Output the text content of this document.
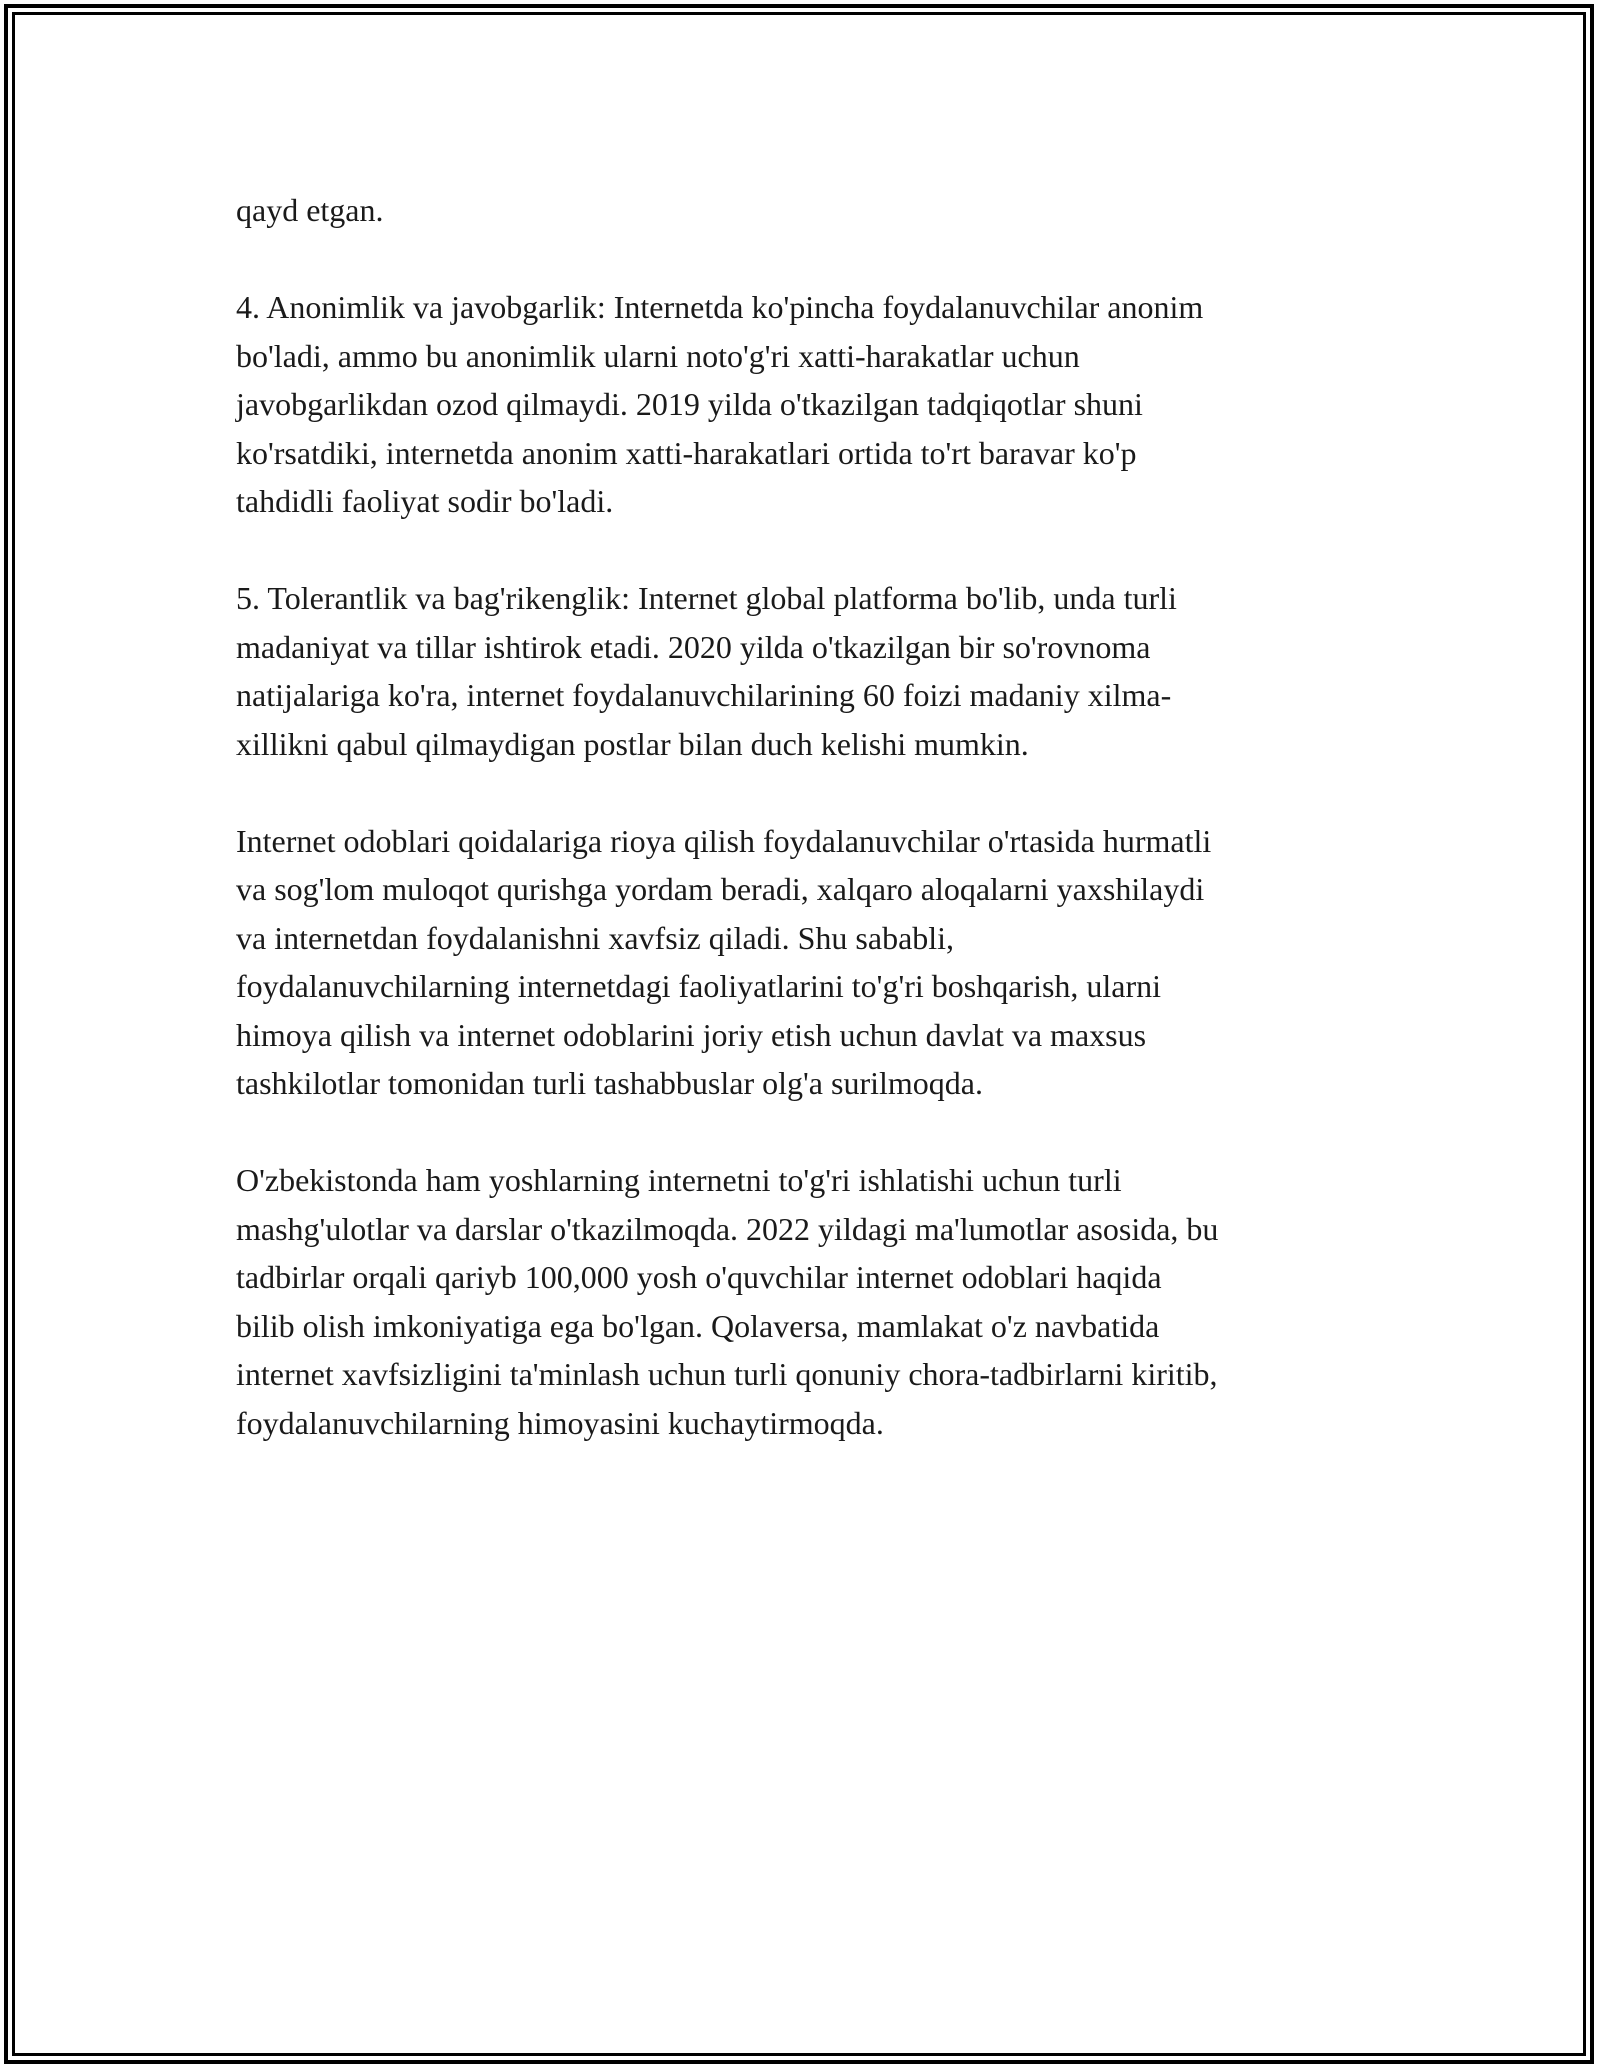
qayd etgan.

4. Anonimlik va javobgarlik: Internetda ko'pincha foydalanuvchilar anonim
bo'ladi, ammo bu anonimlik ularni noto'g'ri xatti-harakatlar uchun
javobgarlikdan ozod qilmaydi. 2019 yilda o'tkazilgan tadqiqotlar shuni
ko'rsatdiki, internetda anonim xatti-harakatlari ortida to'rt baravar ko'p
tahdidli faoliyat sodir bo'ladi.

5. Tolerantlik va bag'rikenglik: Internet global platforma bo'lib, unda turli
madaniyat va tillar ishtirok etadi. 2020 yilda o'tkazilgan bir so'rovnoma
natijalariga ko'ra, internet foydalanuvchilarining 60 foizi madaniy xilma-
xillikni qabul qilmaydigan postlar bilan duch kelishi mumkin.

Internet odoblari qoidalariga rioya qilish foydalanuvchilar o'rtasida hurmatli
va sog'lom muloqot qurishga yordam beradi, xalqaro aloqalarni yaxshilaydi
va internetdan foydalanishni xavfsiz qiladi. Shu sababli,
foydalanuvchilarning internetdagi faoliyatlarini to'g'ri boshqarish, ularni
himoya qilish va internet odoblarini joriy etish uchun davlat va maxsus
tashkilotlar tomonidan turli tashabbuslar olg'a surilmoqda.

O'zbekistonda ham yoshlarning internetni to'g'ri ishlatishi uchun turli
mashg'ulotlar va darslar o'tkazilmoqda. 2022 yildagi ma'lumotlar asosida, bu
tadbirlar orqali qariyb 100,000 yosh o'quvchilar internet odoblari haqida
bilib olish imkoniyatiga ega bo'lgan. Qolaversa, mamlakat o'z navbatida
internet xavfsizligini ta'minlash uchun turli qonuniy chora-tadbirlarni kiritib,
foydalanuvchilarning himoyasini kuchaytirmoqda.
